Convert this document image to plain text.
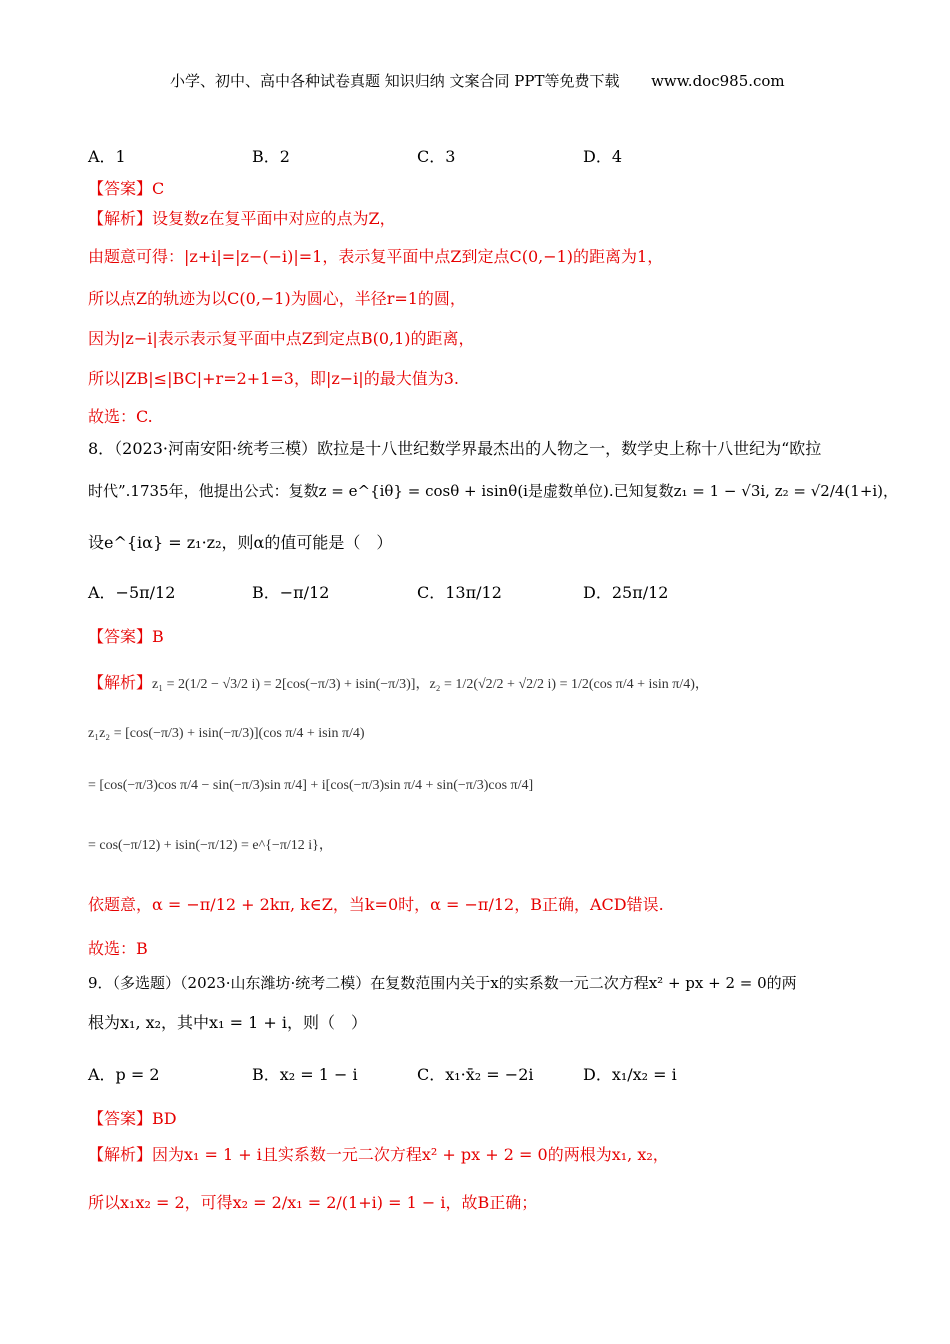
小学、初中、高中各种试卷真题 知识归纳 文案合同 PPT等免费下载 www.doc985.com
A．1	B．2	C．3	D．4
【答案】C
【解析】设复数z在复平面中对应的点为Z，
由题意可得：|z+i|=|z−(−i)|=1，表示复平面中点Z到定点C(0,−1)的距离为1，
所以点Z的轨迹为以C(0,−1)为圆心，半径r=1的圆，
因为|z−i|表示表示复平面中点Z到定点B(0,1)的距离，
所以|ZB|≤|BC|+r=2+1=3，即|z−i|的最大值为3.
故选：C.
8．（2023·河南安阳·统考三模）欧拉是十八世纪数学界最杰出的人物之一，数学史上称十八世纪为“欧拉
时代”.1735年，他提出公式：复数z = e^{iθ} = cosθ + isinθ(i是虚数单位).已知复数z₁ = 1 − √3i, z₂ = √2/4(1+i)，
设e^{iα} = z₁·z₂，则α的值可能是（　）
A．−5π/12	B．−π/12	C．13π/12	D．25π/12
【答案】B
【解析】z₁ = 2(1/2 − √3/2 i) = 2[cos(−π/3) + isin(−π/3)]，z₂ = 1/2(√2/2 + √2/2 i) = 1/2(cos π/4 + isin π/4)，
z₁z₂ = [cos(−π/3) + isin(−π/3)](cos π/4 + isin π/4)
= [cos(−π/3)cos π/4 − sin(−π/3)sin π/4] + i[cos(−π/3)sin π/4 + sin(−π/3)cos π/4]
= cos(−π/12) + isin(−π/12) = e^{−π/12 i}，
依题意，α = −π/12 + 2kπ, k∈Z，当k=0时，α = −π/12，B正确，ACD错误.
故选：B
9．（多选题）（2023·山东潍坊·统考二模）在复数范围内关于x的实系数一元二次方程x² + px + 2 = 0的两
根为x₁, x₂，其中x₁ = 1 + i，则（　）
A．p = 2	B．x₂ = 1 − i	C．x₁·x̄₂ = −2i	D．x₁/x₂ = i
【答案】BD
【解析】因为x₁ = 1 + i且实系数一元二次方程x² + px + 2 = 0的两根为x₁, x₂，
所以x₁x₂ = 2，可得x₂ = 2/x₁ = 2/(1+i) = 1 − i，故B正确；
